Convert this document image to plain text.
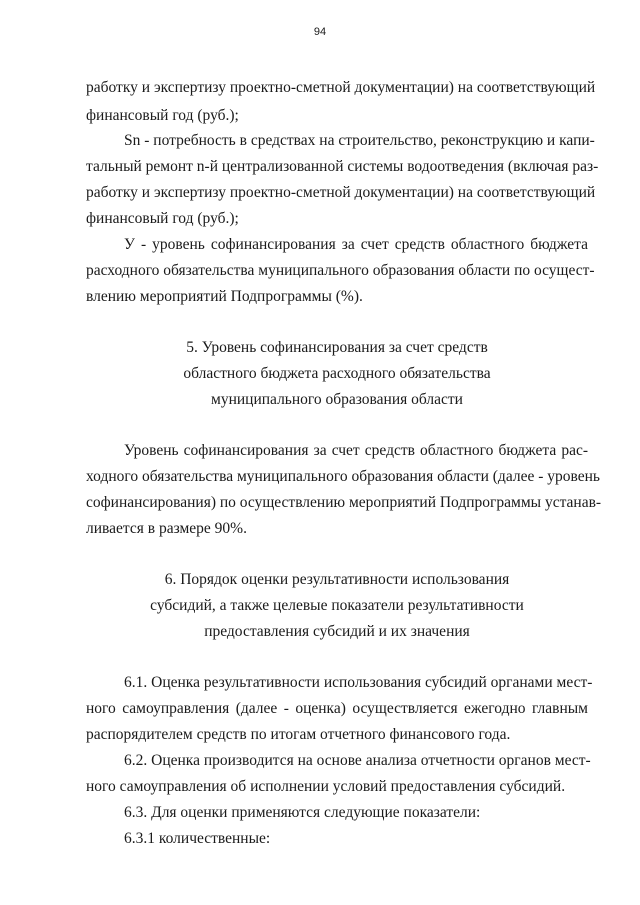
94
работку и экспертизу проектно-сметной документации) на соответствующий
финансовый год (руб.);
Sn - потребность в средствах на строительство, реконструкцию и капи-
тальный ремонт n-й централизованной системы водоотведения (включая раз-
работку и экспертизу проектно-сметной документации) на соответствующий
финансовый год (руб.);
У - уровень софинансирования за счет средств областного бюджета
расходного обязательства муниципального образования области по осущест-
влению мероприятий Подпрограммы (%).
5. Уровень софинансирования за счет средств
областного бюджета расходного обязательства
муниципального образования области
Уровень софинансирования за счет средств областного бюджета рас-
ходного обязательства муниципального образования области (далее - уровень
софинансирования) по осуществлению мероприятий Подпрограммы устанав-
ливается в размере 90%.
6. Порядок оценки результативности использования
субсидий, а также целевые показатели результативности
предоставления субсидий и их значения
6.1. Оценка результативности использования субсидий органами мест-
ного самоуправления (далее - оценка) осуществляется ежегодно главным
распорядителем средств по итогам отчетного финансового года.
6.2. Оценка производится на основе анализа отчетности органов мест-
ного самоуправления об исполнении условий предоставления субсидий.
6.3. Для оценки применяются следующие показатели:
6.3.1 количественные:
